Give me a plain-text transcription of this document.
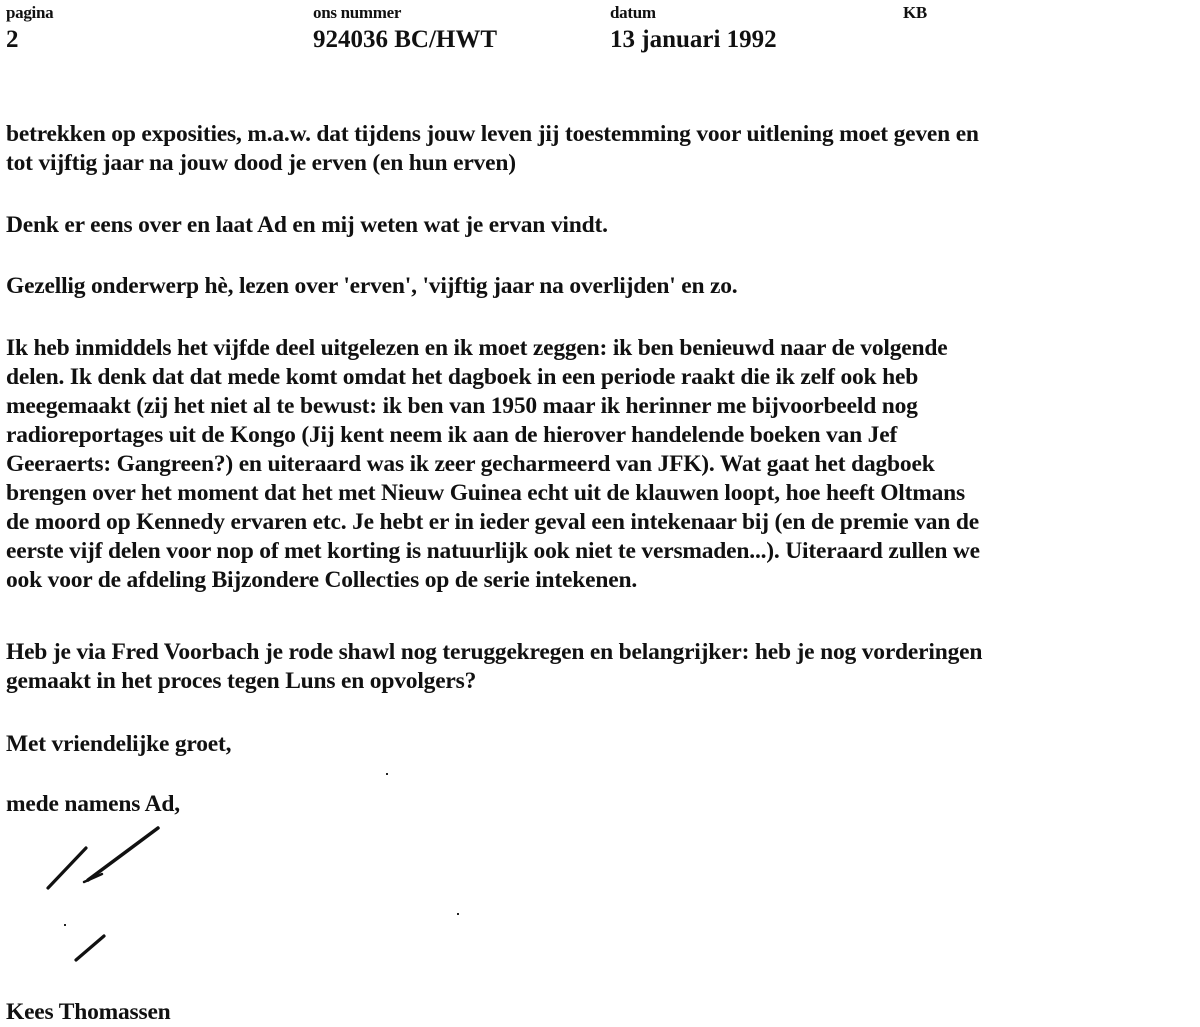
pagina
2
ons nummer
924036 BC/HWT
datum
13 januari 1992
KB
betrekken op exposities, m.a.w. dat tijdens jouw leven jij toestemming voor uitlening moet geven en
tot vijftig jaar na jouw dood je erven (en hun erven)
Denk er eens over en laat Ad en mij weten wat je ervan vindt.
Gezellig onderwerp hè, lezen over 'erven', 'vijftig jaar na overlijden' en zo.
Ik heb inmiddels het vijfde deel uitgelezen en ik moet zeggen: ik ben benieuwd naar de volgende
delen. Ik denk dat dat mede komt omdat het dagboek in een periode raakt die ik zelf ook heb
meegemaakt (zij het niet al te bewust: ik ben van 1950 maar ik herinner me bijvoorbeeld nog
radioreportages uit de Kongo (Jij kent neem ik aan de hierover handelende boeken van Jef
Geeraerts: Gangreen?) en uiteraard was ik zeer gecharmeerd van JFK). Wat gaat het dagboek
brengen over het moment dat het met Nieuw Guinea echt uit de klauwen loopt, hoe heeft Oltmans
de moord op Kennedy ervaren etc. Je hebt er in ieder geval een intekenaar bij (en de premie van de
eerste vijf delen voor nop of met korting is natuurlijk ook niet te versmaden...). Uiteraard zullen we
ook voor de afdeling Bijzondere Collecties op de serie intekenen.
Heb je via Fred Voorbach je rode shawl nog teruggekregen en belangrijker: heb je nog vorderingen
gemaakt in het proces tegen Luns en opvolgers?
Met vriendelijke groet,
mede namens Ad,
Kees Thomassen
